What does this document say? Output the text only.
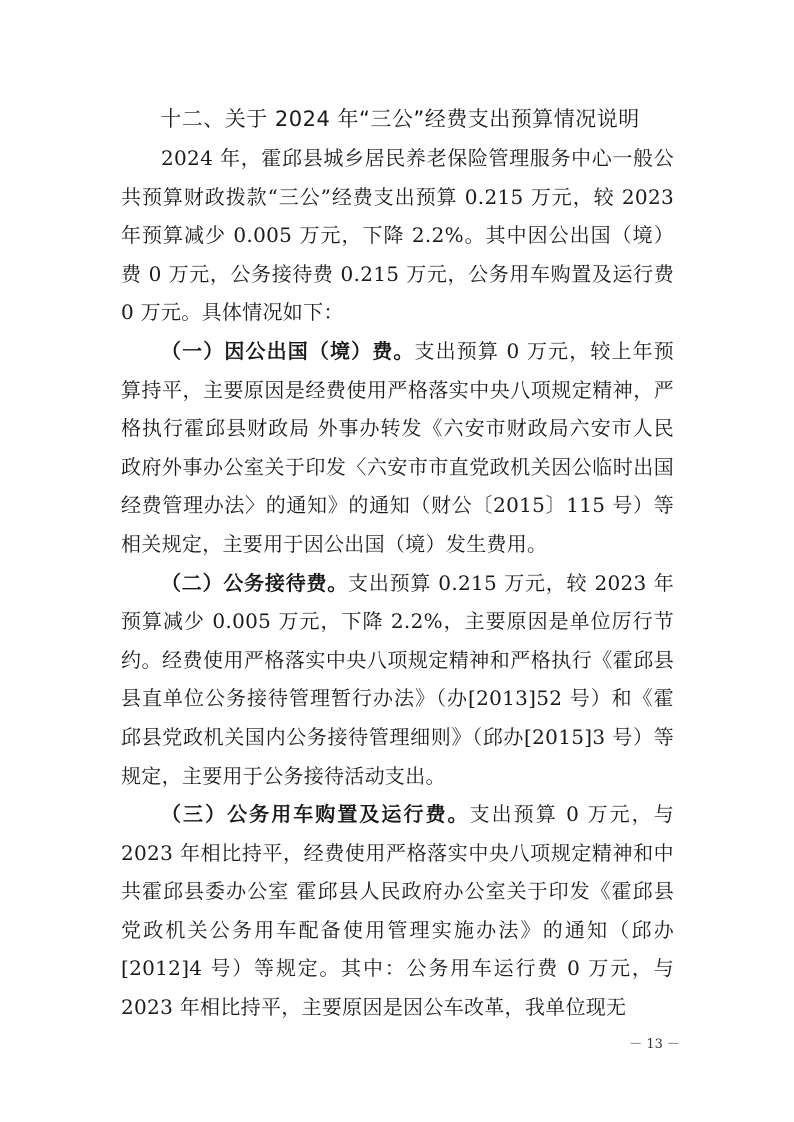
十二、关于 2024 年“三公”经费支出预算情况说明

2024 年，霍邱县城乡居民养老保险管理服务中心一般公共预算财政拨款“三公”经费支出预算 0.215 万元，较 2023 年预算减少 0.005 万元，下降 2.2%。其中因公出国（境）费 0 万元，公务接待费 0.215 万元，公务用车购置及运行费 0 万元。具体情况如下：

（一）因公出国（境）费。支出预算 0 万元，较上年预算持平，主要原因是经费使用严格落实中央八项规定精神，严格执行霍邱县财政局 外事办转发《六安市财政局六安市人民政府外事办公室关于印发〈六安市市直党政机关因公临时出国经费管理办法〉的通知》的通知（财公〔2015〕115 号）等相关规定，主要用于因公出国（境）发生费用。

（二）公务接待费。支出预算 0.215 万元，较 2023 年预算减少 0.005 万元，下降 2.2%，主要原因是单位厉行节约。经费使用严格落实中央八项规定精神和严格执行《霍邱县县直单位公务接待管理暂行办法》（办[2013]52 号）和《霍邱县党政机关国内公务接待管理细则》（邱办[2015]3 号）等规定，主要用于公务接待活动支出。

（三）公务用车购置及运行费。支出预算 0 万元，与 2023 年相比持平，经费使用严格落实中央八项规定精神和中共霍邱县委办公室 霍邱县人民政府办公室关于印发《霍邱县党政机关公务用车配备使用管理实施办法》的通知（邱办[2012]4 号）等规定。其中：公务用车运行费 0 万元，与 2023 年相比持平，主要原因是因公车改革，我单位现无

－ 13 －
